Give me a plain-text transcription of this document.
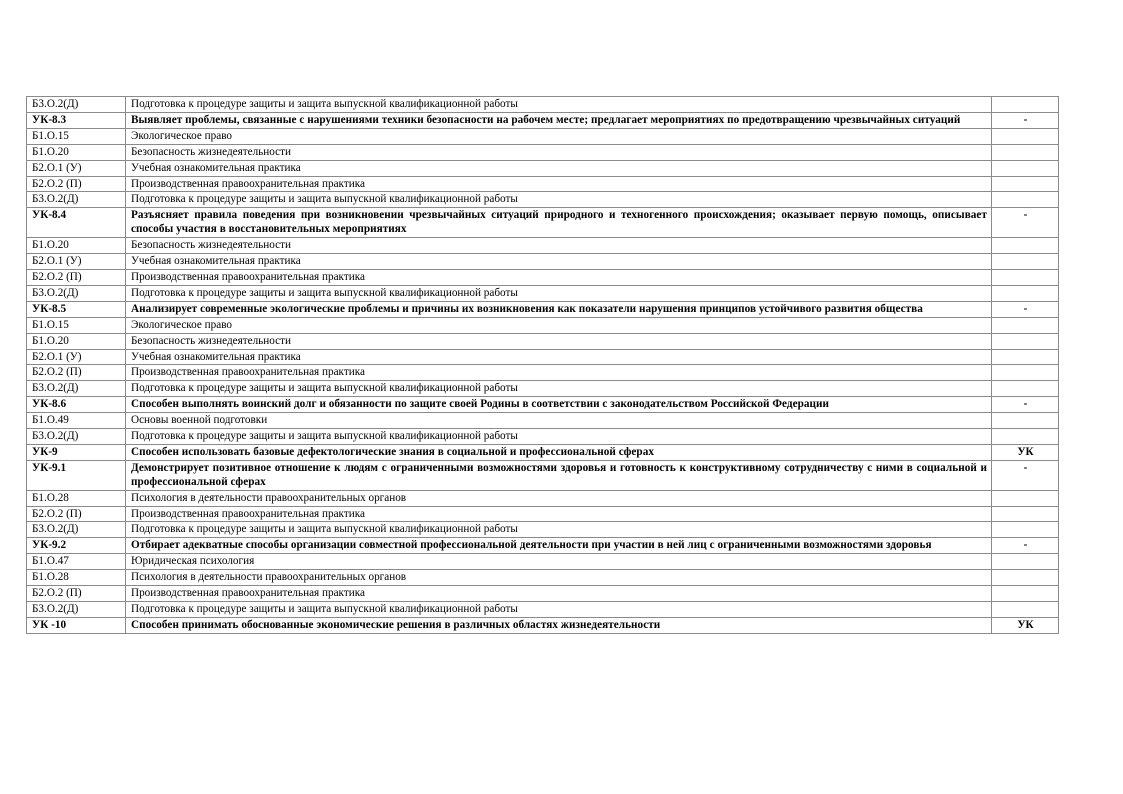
Б3.О.2(Д)	Подготовка к процедуре защиты и защита выпускной квалификационной работы	
УК-8.3	Выявляет проблемы, связанные с нарушениями техники безопасности на рабочем месте; предлагает мероприятиях по предотвращению чрезвычайных ситуаций	-
Б1.О.15	Экологическое право	
Б1.О.20	Безопасность жизнедеятельности	
Б2.О.1 (У)	Учебная ознакомительная практика	
Б2.О.2 (П)	Производственная правоохранительная практика	
Б3.О.2(Д)	Подготовка к процедуре защиты и защита выпускной квалификационной работы	
УК-8.4	Разъясняет правила поведения при возникновении чрезвычайных ситуаций природного и техногенного происхождения; оказывает первую помощь, описывает способы участия в восстановительных мероприятиях	-
Б1.О.20	Безопасность жизнедеятельности	
Б2.О.1 (У)	Учебная ознакомительная практика	
Б2.О.2 (П)	Производственная правоохранительная практика	
Б3.О.2(Д)	Подготовка к процедуре защиты и защита выпускной квалификационной работы	
УК-8.5	Анализирует современные экологические проблемы и причины их возникновения как показатели нарушения принципов устойчивого развития общества	-
Б1.О.15	Экологическое право	
Б1.О.20	Безопасность жизнедеятельности	
Б2.О.1 (У)	Учебная ознакомительная практика	
Б2.О.2 (П)	Производственная правоохранительная практика	
Б3.О.2(Д)	Подготовка к процедуре защиты и защита выпускной квалификационной работы	
УК-8.6	Способен выполнять воинский долг и обязанности по защите своей Родины в соответствии с законодательством Российской Федерации	-
Б1.О.49	Основы военной подготовки	
Б3.О.2(Д)	Подготовка к процедуре защиты и защита выпускной квалификационной работы	
УК-9	Способен использовать базовые дефектологические знания в социальной и профессиональной сферах	УК
УК-9.1	Демонстрирует позитивное отношение к людям с ограниченными возможностями здоровья и готовность к конструктивному сотрудничеству с ними в социальной и профессиональной сферах	-
Б1.О.28	Психология в деятельности правоохранительных органов	
Б2.О.2 (П)	Производственная правоохранительная практика	
Б3.О.2(Д)	Подготовка к процедуре защиты и защита выпускной квалификационной работы	
УК-9.2	Отбирает адекватные способы организации совместной профессиональной деятельности при участии в ней лиц с ограниченными возможностями здоровья	-
Б1.О.47	Юридическая психология	
Б1.О.28	Психология в деятельности правоохранительных органов	
Б2.О.2 (П)	Производственная правоохранительная практика	
Б3.О.2(Д)	Подготовка к процедуре защиты и защита выпускной квалификационной работы	
УК -10	Способен принимать обоснованные экономические решения в различных областях жизнедеятельности	УК
